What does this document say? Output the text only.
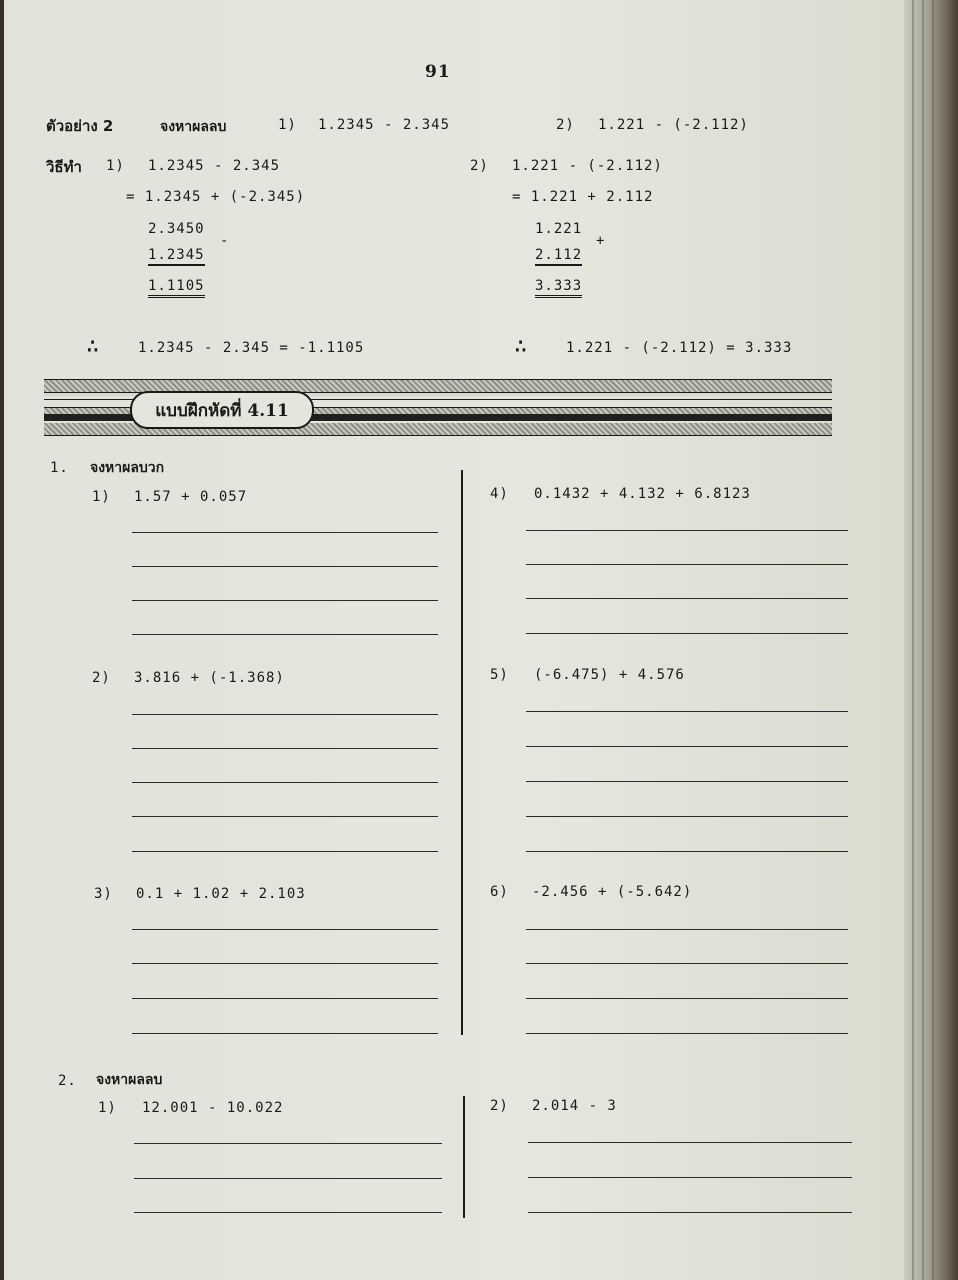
91
ตัวอย่าง 2	จงหาผลลบ	1) 1.2345 - 2.345	2) 1.221 - (-2.112)
วิธีทำ 1) 1.2345 - 2.345
= 1.2345 + (-2.345)
2.3450
1.2345
-
1.1105
∴	1.2345 - 2.345 = -1.1105
2) 1.221 - (-2.112)
= 1.221 + 2.112
1.221
2.112
+
3.333
∴	1.221 - (-2.112) = 3.333
แบบฝึกหัดที่ 4.11
1. จงหาผลบวก
1) 1.57 + 0.057
2) 3.816 + (-1.368)
3) 0.1 + 1.02 + 2.103
4) 0.1432 + 4.132 + 6.8123
5) (-6.475) + 4.576
6) -2.456 + (-5.642)
2. จงหาผลลบ
1) 12.001 - 10.022	2) 2.014 - 3
